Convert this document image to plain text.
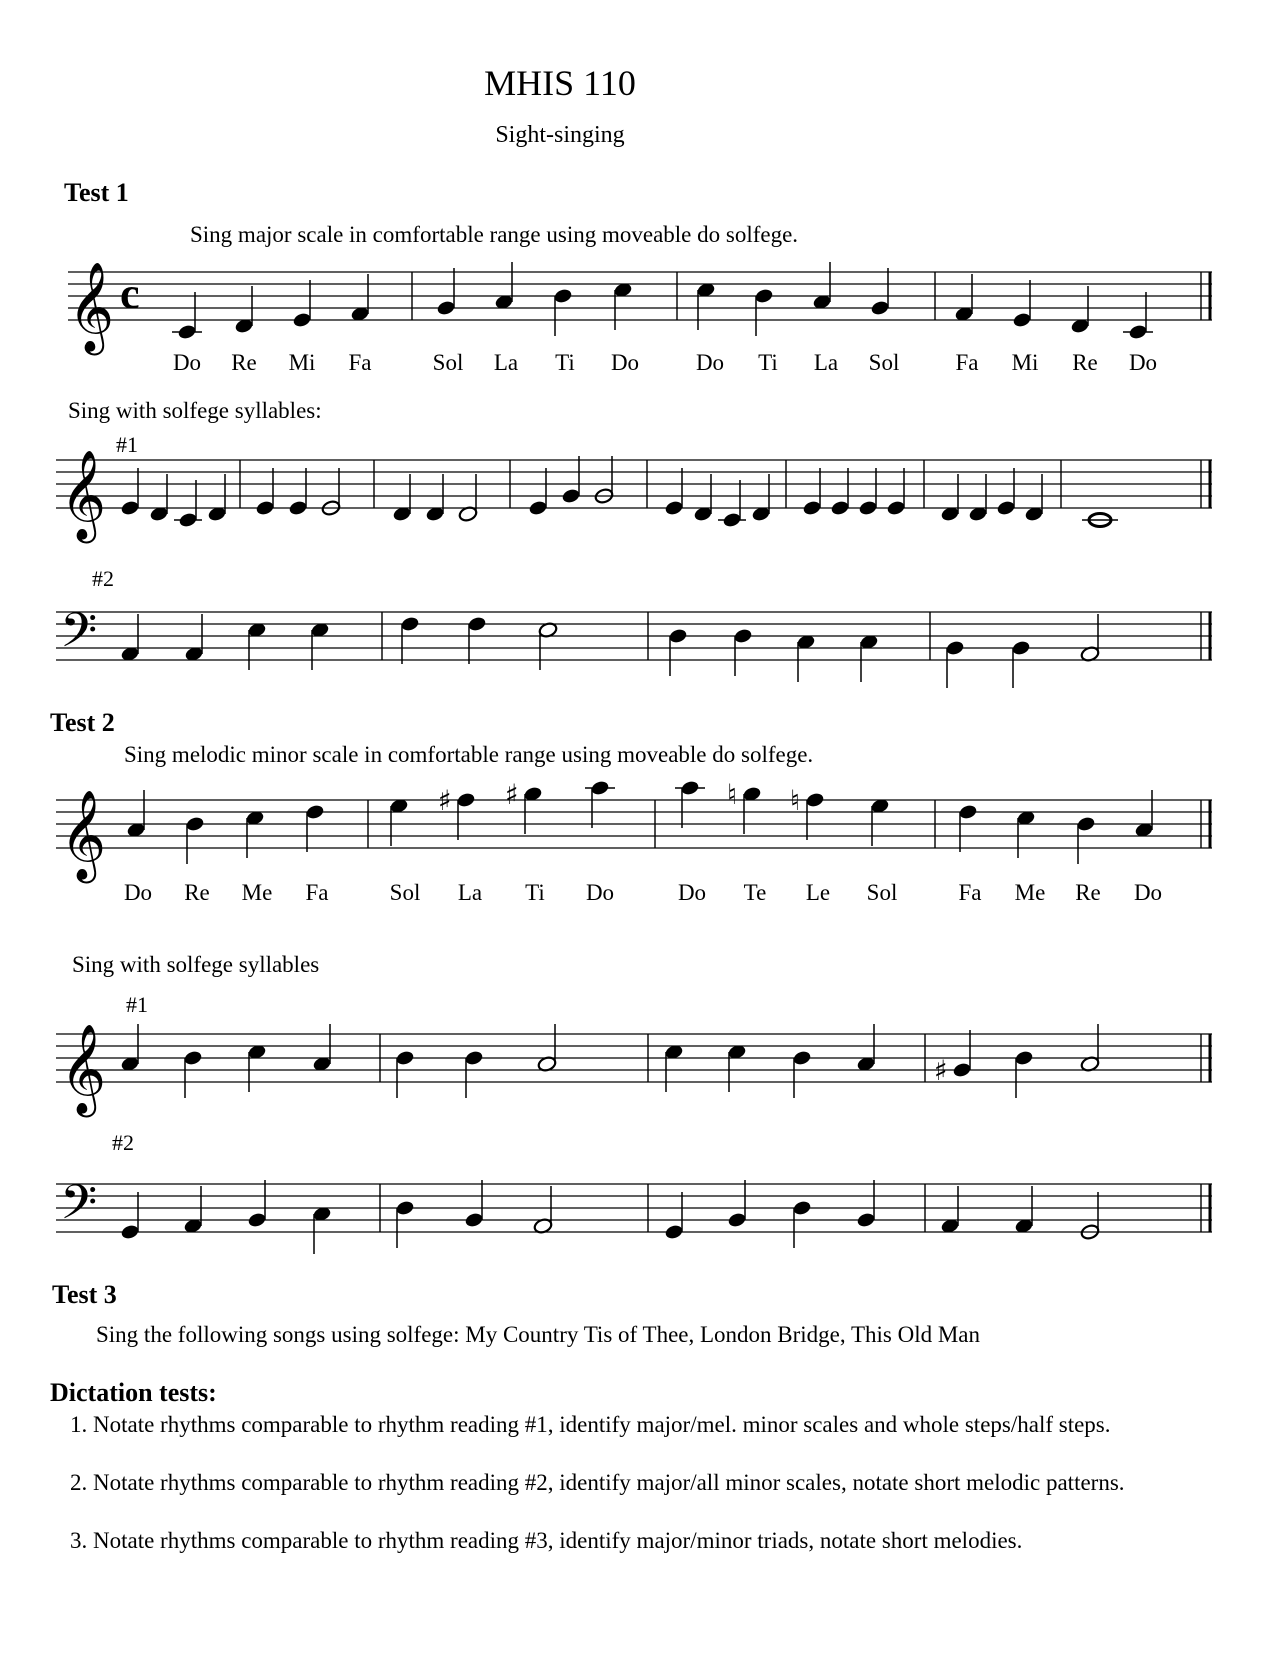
MHIS 110
Sight-singing
Test 1
Sing major scale in comfortable range using moveable do solfege.
𝄞 c
Do Re Mi Fa	Sol La Ti Do Do Ti La Sol Fa Mi Re Do
Sing with solfege syllables:
#1
𝄞
#2
𝄢
Test 2
Sing melodic minor scale in comfortable range using moveable do solfege.
𝄞	♯ ♯	♮ ♮
Do Re Me Fa	Sol La Ti Do	Do Te Le Sol	Fa Me Re Do
Sing with solfege syllables
#1
𝄞	♯
#2
𝄢
Test 3
Sing the following songs using solfege: My Country Tis of Thee, London Bridge, This Old Man
Dictation tests:
1. Notate rhythms comparable to rhythm reading #1, identify major/mel. minor scales and whole steps/half steps.
2. Notate rhythms comparable to rhythm reading #2, identify major/all minor scales, notate short melodic patterns.
3. Notate rhythms comparable to rhythm reading #3, identify major/minor triads, notate short melodies.
